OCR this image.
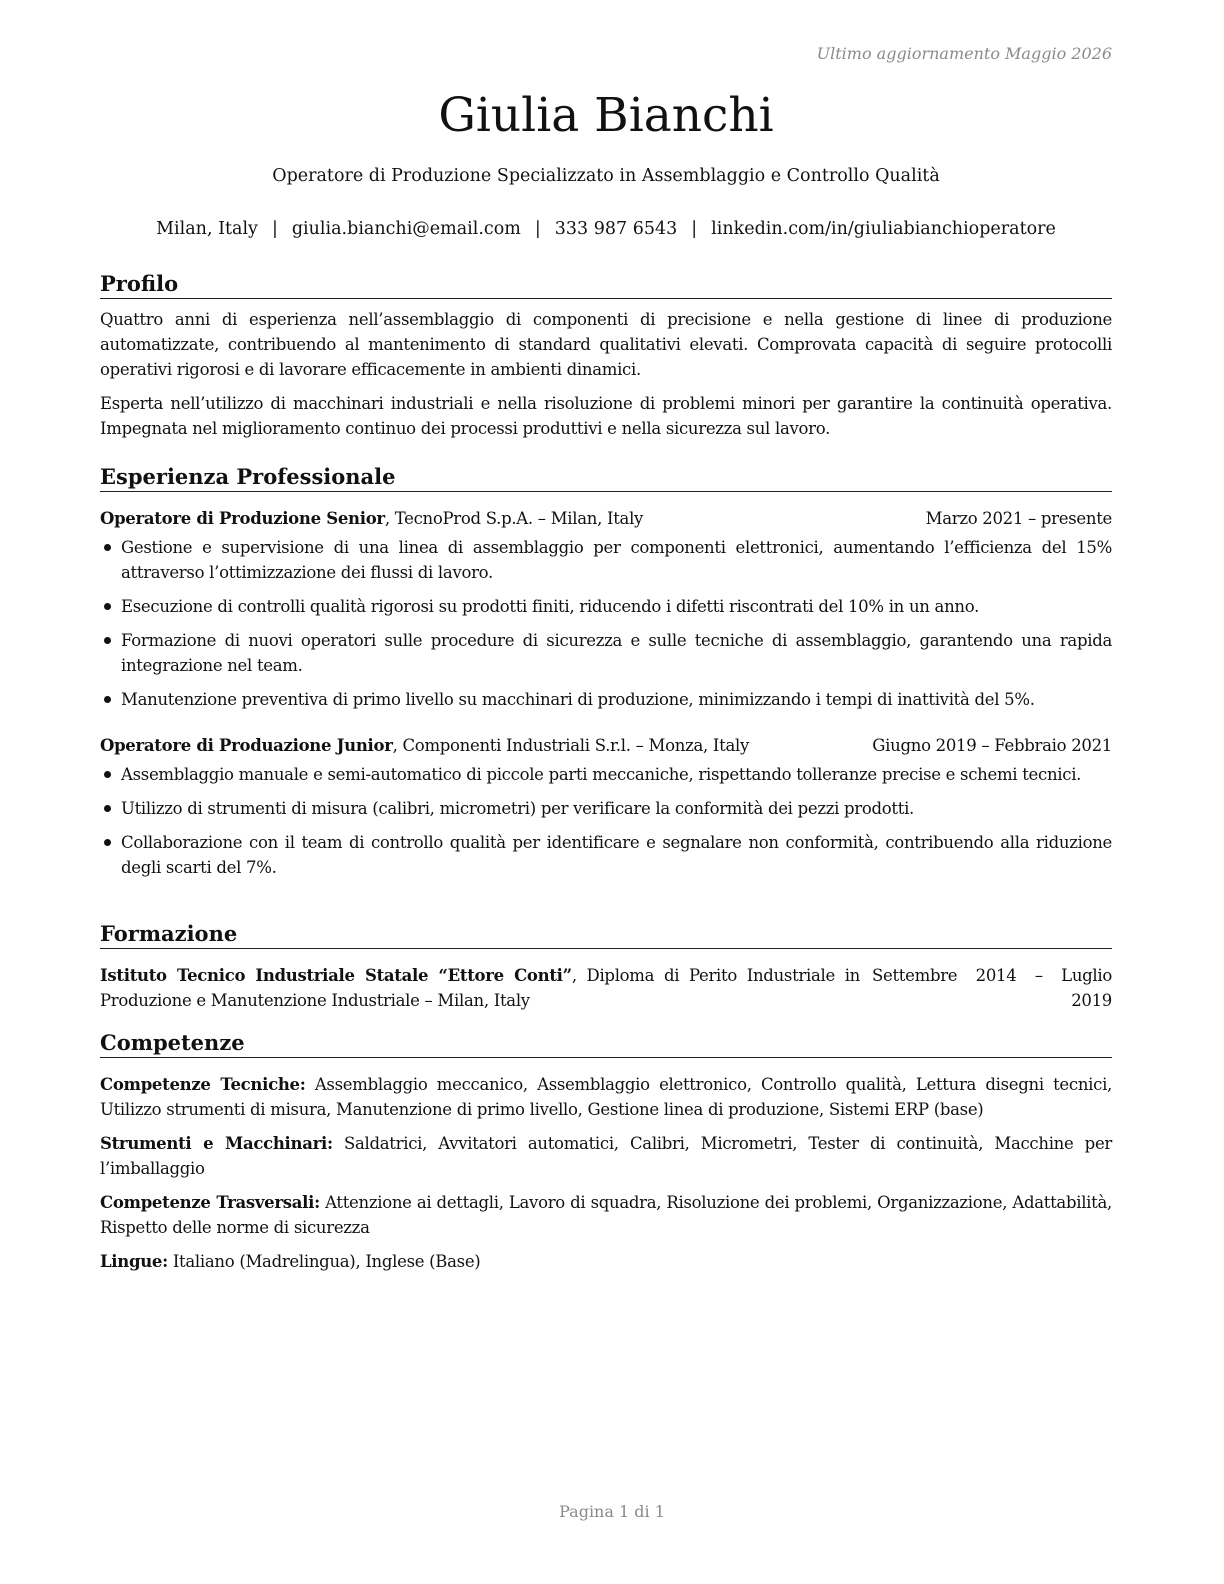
Ultimo aggiornamento Maggio 2026
Giulia Bianchi
Operatore di Produzione Specializzato in Assemblaggio e Controllo Qualità
Milan, Italy | giulia.bianchi@email.com | 333 987 6543 | linkedin.com/in/giuliabianchioperatore
Profilo

Quattro anni di esperienza nell’assemblaggio di componenti di precisione e nella gestione di linee di produzione automatizzate, contribuendo al mantenimento di standard qualitativi elevati. Comprovata capacità di seguire protocolli operativi rigorosi e di lavorare efficacemente in ambienti dinamici.

Esperta nell’utilizzo di macchinari industriali e nella risoluzione di problemi minori per garantire la continuità operativa. Impegnata nel miglioramento continuo dei processi produttivi e nella sicurezza sul lavoro.

Esperienza Professionale
Operatore di Produzione Senior, TecnoProd S.p.A. – Milan, Italy	Marzo 2021 – presente
Gestione e supervisione di una linea di assemblaggio per componenti elettronici, aumentando l’efficienza del 15% attraverso l’ottimizzazione dei flussi di lavoro.
Esecuzione di controlli qualità rigorosi su prodotti finiti, riducendo i difetti riscontrati del 10% in un anno.
Formazione di nuovi operatori sulle procedure di sicurezza e sulle tecniche di assemblaggio, garantendo una rapida integrazione nel team.
Manutenzione preventiva di primo livello su macchinari di produzione, minimizzando i tempi di inattività del 5%.
Operatore di Produazione Junior, Componenti Industriali S.r.l. – Monza, Italy	Giugno 2019 – Febbraio 2021
Assemblaggio manuale e semi-automatico di piccole parti meccaniche, rispettando tolleranze precise e schemi tecnici.
Utilizzo di strumenti di misura (calibri, micrometri) per verificare la conformità dei pezzi prodotti.
Collaborazione con il team di controllo qualità per identificare e segnalare non conformità, contribuendo alla riduzione degli scarti del 7%.
Formazione
Istituto Tecnico Industriale Statale “Ettore Conti”, Diploma di Perito Industriale in Produzione e Manutenzione Industriale – Milan, Italy
Settembre 2014 – Luglio 2019
Competenze

Competenze Tecniche: Assemblaggio meccanico, Assemblaggio elettronico, Controllo qualità, Lettura disegni tecnici, Utilizzo strumenti di misura, Manutenzione di primo livello, Gestione linea di produzione, Sistemi ERP (base)

Strumenti e Macchinari: Saldatrici, Avvitatori automatici, Calibri, Micrometri, Tester di continuità, Macchine per l’imballaggio

Competenze Trasversali: Attenzione ai dettagli, Lavoro di squadra, Risoluzione dei problemi, Organizzazione, Adattabilità, Rispetto delle norme di sicurezza

Lingue: Italiano (Madrelingua), Inglese (Base)

Pagina 1 di 1
